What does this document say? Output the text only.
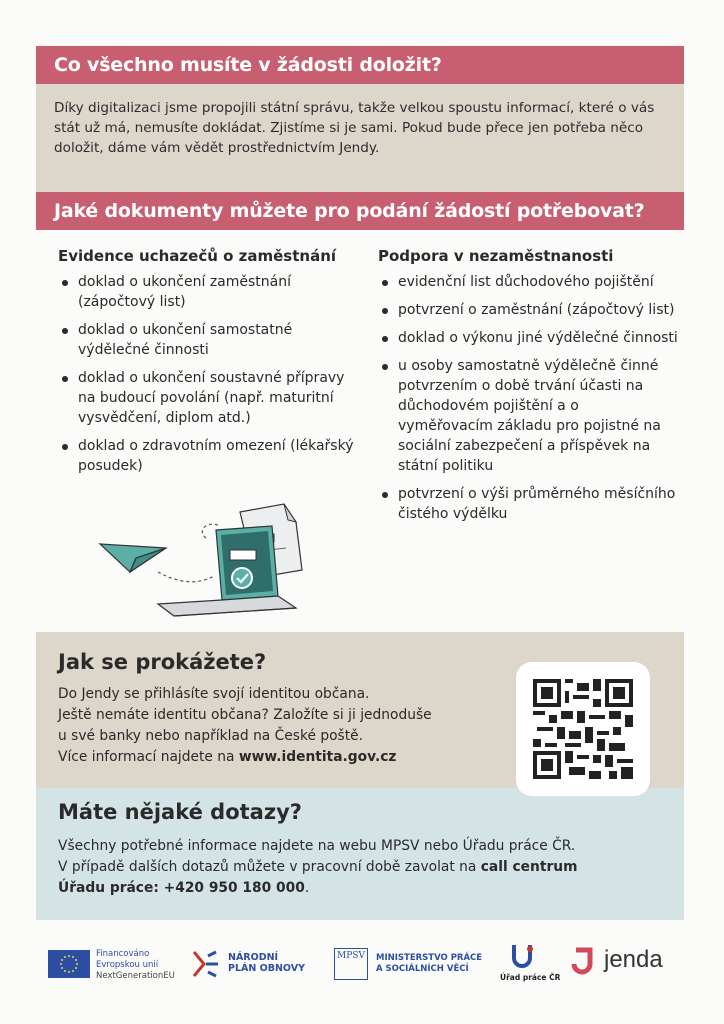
Co všechno musíte v žádosti doložit?
Díky digitalizaci jsme propojili státní správu, takže velkou spoustu informací, které o vás stát už má, nemusíte dokládat. Zjistíme si je sami. Pokud bude přece jen potřeba něco doložit, dáme vám vědět prostřednictvím Jendy.
Jaké dokumenty můžete pro podání žádostí potřebovat?
Evidence uchazečů o zaměstnání
doklad o ukončení zaměstnání (zápočtový list)
doklad o ukončení samostatné výdělečné činnosti
doklad o ukončení soustavné přípravy na budoucí povolání (např. maturitní vysvědčení, diplom atd.)
doklad o zdravotním omezení (lékařský posudek)
Podpora v nezaměstnanosti
evidenční list důchodového pojištění
potvrzení o zaměstnání (zápočtový list)
doklad o výkonu jiné výdělečné činnosti
u osoby samostatně výdělečně činné potvrzením o době trvání účasti na důchodovém pojištění a o vyměřovacím základu pro pojistné na sociální zabezpečení a příspěvek na státní politiku
potvrzení o výši průměrného měsíčního čistého výdělku
Jak se prokážete?
Do Jendy se přihlásíte svojí identitou občana.
Ještě nemáte identitu občana? Založíte si ji jednoduše
u své banky nebo například na České poště.
Více informací najdete na www.identita.gov.cz
Máte nějaké dotazy?
Všechny potřebné informace najdete na webu MPSV nebo Úřadu práce ČR.
V případě dalších dotazů můžete v pracovní době zavolat na call centrum
Úřadu práce: +420 950 180 000.
Financováno
Evropskou unií
NextGenerationEU
NÁRODNÍ
PLÁN OBNOVY
MPSV	MINISTERSTVO PRÁCE
A SOCIÁLNÍCH VĚCÍ
Úřad práce ČR
jenda
